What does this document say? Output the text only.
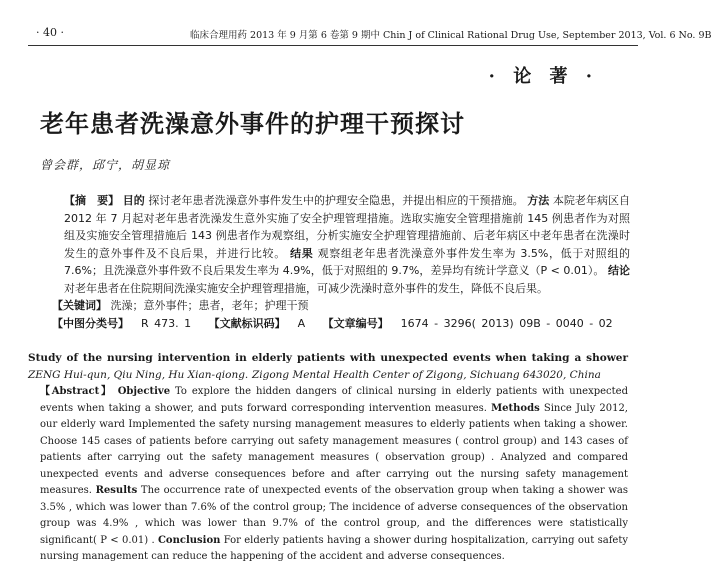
· 40 ·	临床合理用药 2013 年 9 月第 6 卷第 9 期中 Chin J of Clinical Rational Drug Use, September 2013, Vol. 6 No. 9B
· 论 著 ·
老年患者洗澡意外事件的护理干预探讨
曾会群，邱宁，胡显琼

【摘　要】 目的 探讨老年患者洗澡意外事件发生中的护理安全隐患，并提出相应的干预措施。 方法 本院老年病区自 2012 年 7 月起对老年患者洗澡发生意外实施了安全护理管理措施。选取实施安全管理措施前 145 例患者作为对照组及实施安全管理措施后 143 例患者作为观察组，分析实施安全护理管理措施前、后老年病区中老年患者在洗澡时发生的意外事件及不良后果，并进行比较。 结果 观察组老年患者洗澡意外事件发生率为 3.5%，低于对照组的 7.6%；且洗澡意外事件致不良后果发生率为 4.9%，低于对照组的 9.7%，差异均有统计学意义（P < 0.01）。 结论 对老年患者在住院期间洗澡实施安全护理管理措施，可减少洗澡时意外事件的发生，降低不良后果。

【关键词】 洗澡；意外事件；患者，老年；护理干预
【中图分类号】 R 473. 1 【文献标识码】 A 【文章编号】 1674 - 3296( 2013) 09B - 0040 - 02
Study of the nursing intervention in elderly patients with unexpected events when taking a shower ZENG Hui-qun, Qiu Ning, Hu Xian-qiong. Zigong Mental Health Center of Zigong, Sichuang 643020, China

【Abstract】 Objective To explore the hidden dangers of clinical nursing in elderly patients with unexpected events when taking a shower, and puts forward corresponding intervention measures. Methods Since July 2012, our elderly ward Implemented the safety nursing management measures to elderly patients when taking a shower. Choose 145 cases of patients before carrying out safety management measures ( control group) and 143 cases of patients after carrying out the safety management measures ( observation group) . Analyzed and compared unexpected events and adverse consequences before and after carrying out the nursing safety management measures. Results The occurrence rate of unexpected events of the observation group when taking a shower was 3.5% , which was lower than 7.6% of the control group; The incidence of adverse consequences of the observation group was 4.9% , which was lower than 9.7% of the control group, and the differences were statistically significant( P < 0.01) . Conclusion For elderly patients having a shower during hospitalization, carrying out safety nursing management can reduce the happening of the accident and adverse consequences.
